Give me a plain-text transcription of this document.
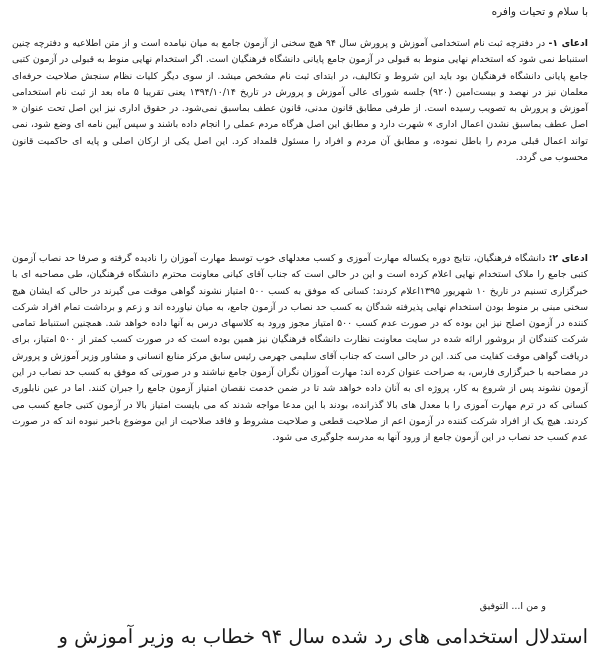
با سلام و تحیات وافره

ادعای ۱- در دفترچه ثبت نام استخدامی آموزش و پرورش سال ۹۴ هیچ سخنی از آزمون جامع به میان نیامده است و از متن اطلاعیه و دفترچه چنین استنباط نمی شود که استخدام نهایی منوط به قبولی در آزمون جامع پایانی دانشگاه فرهنگیان است. اگر استخدام نهایی منوط به قبولی در آزمون کتبی جامع پایانی دانشگاه فرهنگیان بود باید این شروط و تکالیف، در ابتدای ثبت نام مشخص میشد. از سوی دیگر کلیات نظام سنجش صلاحیت حرفه‌ای معلمان نیز در نهصد و بیست‌امین (۹۲۰) جلسه شورای عالی آموزش و پرورش در تاریخ ۱۳۹۴/۱۰/۱۴ یعنی تقریبا ۵ ماه بعد از ثبت نام استخدامی آموزش و پرورش به تصویب رسیده است. از طرفی مطابق قانون مدنی، قانون عطف بماسبق نمی‌شود. در حقوق اداری نیز این اصل تحت عنوان « اصل عطف بماسبق نشدن اعمال اداری » شهرت دارد و مطابق این اصل هرگاه مردم عملی را انجام داده باشند و سپس آیین نامه ای وضع شود، نمی تواند اعمال قبلی مردم را باطل نموده، و مطابق آن مردم و افراد را مسئول قلمداد کرد. این اصل یکی از ارکان اصلی و پایه ای حاکمیت قانون محسوب می گردد.

ادعای ۲: دانشگاه فرهنگیان، نتایج دوره یکساله مهارت آموزی و کسب معدلهای خوب توسط مهارت آموزان را نادیده گرفته و صرفا حد نصاب آزمون کتبی جامع را ملاک استخدام نهایی اعلام کرده است و این در حالی است که جناب آقای کیانی معاونت محترم دانشگاه فرهنگیان، طی مصاحبه ای با خبرگزاری تسنیم در تاریخ ۱۰ شهریور ۱۳۹۵اعلام کردند: کسانی که موفق به کسب ۵۰۰ امتیاز نشوند گواهی موقت می گیرند در حالی که ایشان هیچ سخنی مبنی بر منوط بودن استخدام نهایی پذیرفته شدگان به کسب حد نصاب در آزمون جامع، به میان نیاورده اند و زعم و برداشت تمام افراد شرکت کننده در آزمون اصلح نیز این بوده که در صورت عدم کسب ۵۰۰ امتیاز مجوز ورود به کلاسهای درس به آنها داده خواهد شد. همچنین استنباط تمامی شرکت کنندگان از بروشور ارائه شده در سایت معاونت نظارت دانشگاه فرهنگیان نیز همین بوده است که در صورت کسب کمتر از ۵۰۰ امتیاز، برای دریافت گواهی موقت کفایت می کند. این در حالی است که جناب آقای سلیمی جهرمی رئیس سابق مرکز منابع انسانی و مشاور وزیر آموزش و پرورش در مصاحبه با خبرگزاری فارس، به صراحت عنوان کرده اند: مهارت آموزان نگران آزمون جامع نباشند و در صورتی که موفق به کسب حد نصاب در این آزمون نشوند پس از شروع به کار، پروژه ای به آنان داده خواهد شد تا در ضمن خدمت نقصان امتیاز آزمون جامع را جبران کنند. اما در عین نابلوری کسانی که در ترم مهارت آموزی را با معدل های بالا گذرانده، بودند با این مدعا مواجه شدند که می بایست امتیاز بالا در آزمون کتبی جامع کسب می کردند. هیچ یک از افراد شرکت کننده در آزمون اعم از صلاحیت قطعی و صلاحیت مشروط و فاقد صلاحیت از این موضوع باخبر نبوده اند که در صورت عدم کسب حد نصاب در این آزمون جامع از ورود آنها به مدرسه جلوگیری می شود.

و من ا... التوفیق
استدلال استخدامی های رد شده سال ۹۴ خطاب به وزیر آموزش و
